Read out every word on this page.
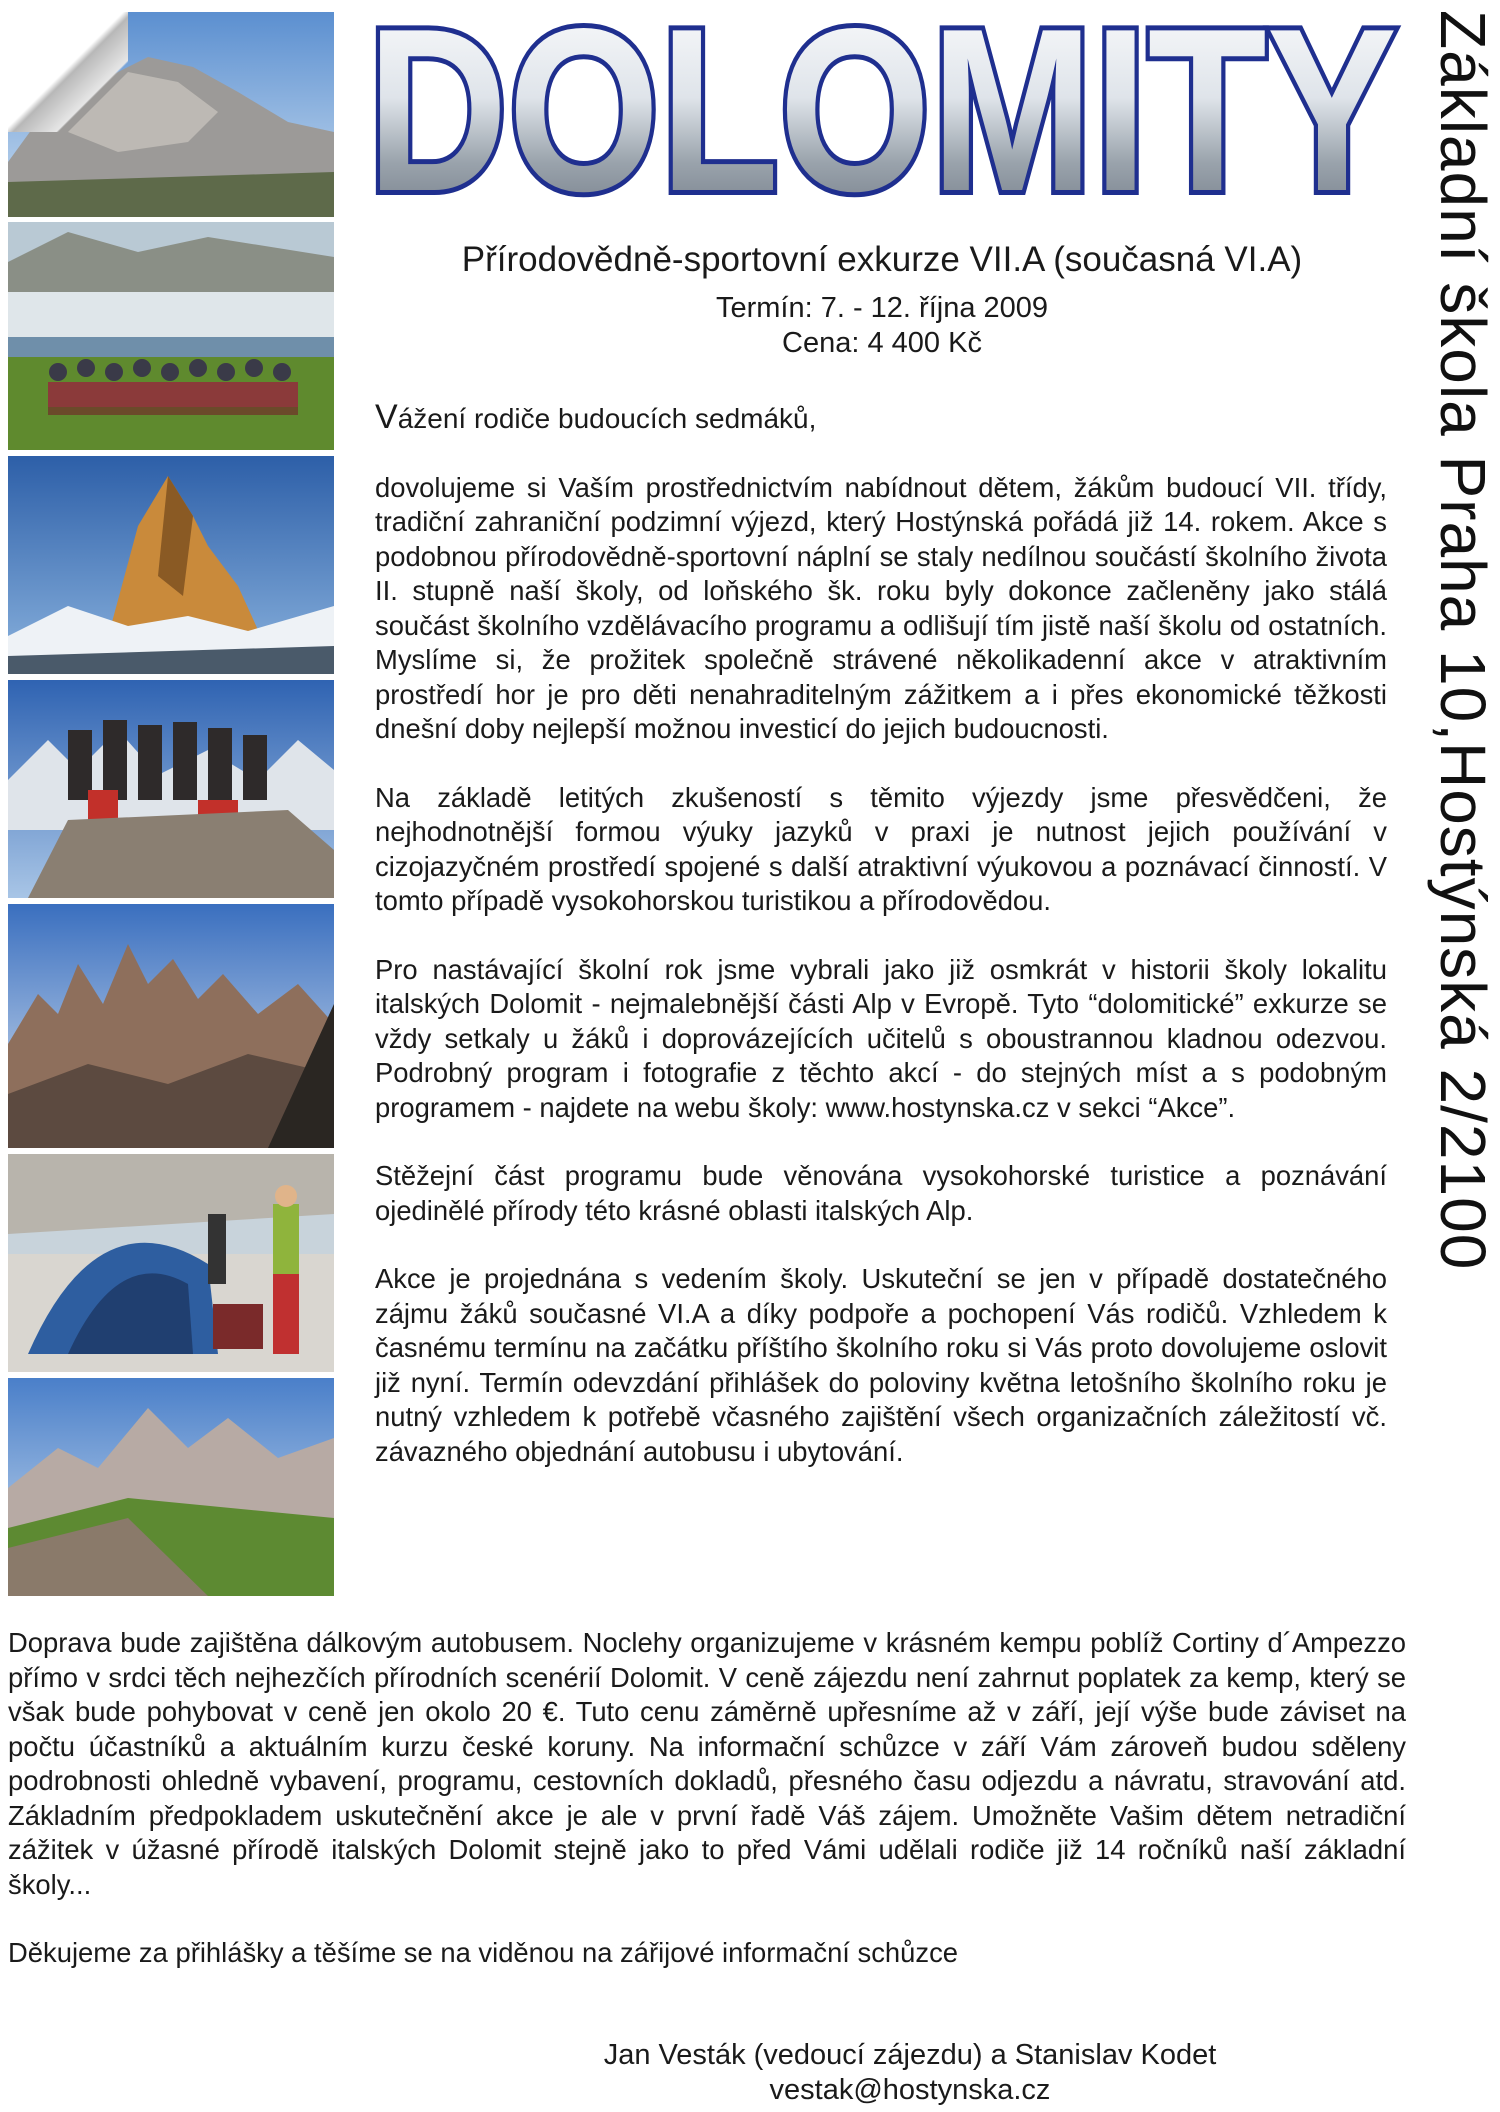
DOLOMITY Základní škola Praha 10,Hostýnská 2/2100
Přírodovědně-sportovní exkurze VII.A (současná VI.A)
Termín: 7. - 12. října 2009
Cena: 4 400 Kč

Vážení rodiče budoucích sedmáků,

dovolujeme si Vaším prostřednictvím nabídnout dětem, žákům budoucí VII. třídy, tradiční zahraniční podzimní výjezd, který Hostýnská pořádá již 14. rokem. Akce s podobnou přírodovědně-sportovní náplní se staly nedílnou součástí školního života II. stupně naší školy, od loňského šk. roku byly dokonce začleněny jako stálá součást školního vzdělávacího programu a odlišují tím jistě naší školu od ostatních. Myslíme si, že prožitek společně strávené několikadenní akce v atraktivním prostředí hor je pro děti nenahraditelným zážitkem a i přes ekonomické těžkosti dnešní doby nejlepší možnou investicí do jejich budoucnosti.

Na základě letitých zkušeností s těmito výjezdy jsme přesvědčeni, že nejhodnotnější formou výuky jazyků v praxi je nutnost jejich používání v cizojazyčném prostředí spojené s další atraktivní výukovou a poznávací činností. V tomto případě vysokohorskou turistikou a přírodovědou.

Pro nastávající školní rok jsme vybrali jako již osmkrát v historii školy lokalitu italských Dolomit - nejmalebnější části Alp v Evropě. Tyto “dolomitické” exkurze se vždy setkaly u žáků i doprovázejících učitelů s oboustrannou kladnou odezvou. Podrobný program i fotografie z těchto akcí - do stejných míst a s podobným programem - najdete na webu školy: www.hostynska.cz v sekci “Akce”.

Stěžejní část programu bude věnována vysokohorské turistice a poznávání ojedinělé přírody této krásné oblasti italských Alp.

Akce je projednána s vedením školy. Uskuteční se jen v případě dostatečného zájmu žáků současné VI.A a díky podpoře a pochopení Vás rodičů. Vzhledem k časnému termínu na začátku příštího školního roku si Vás proto dovolujeme oslovit již nyní. Termín odevzdání přihlášek do poloviny května letošního školního roku je nutný vzhledem k potřebě včasného zajištění všech organizačních záležitostí vč. závazného objednání autobusu i ubytování.

Doprava bude zajištěna dálkovým autobusem. Noclehy organizujeme v krásném kempu poblíž Cortiny d´Ampezzo přímo v srdci těch nejhezčích přírodních scenérií Dolomit. V ceně zájezdu není zahrnut poplatek za kemp, který se však bude pohybovat v ceně jen okolo 20 €. Tuto cenu záměrně upřesníme až v září, její výše bude záviset na počtu účastníků a aktuálním kurzu české koruny. Na informační schůzce v září Vám zároveň budou sděleny podrobnosti ohledně vybavení, programu, cestovních dokladů, přesného času odjezdu a návratu, stravování atd. Základním předpokladem uskutečnění akce je ale v první řadě Váš zájem. Umožněte Vašim dětem netradiční zážitek v úžasné přírodě italských Dolomit stejně jako to před Vámi udělali rodiče již 14 ročníků naší základní školy...

Děkujeme za přihlášky a těšíme se na viděnou na zářijové informační schůzce

Jan Vesták (vedoucí zájezdu) a Stanislav Kodet
vestak@hostynska.cz
